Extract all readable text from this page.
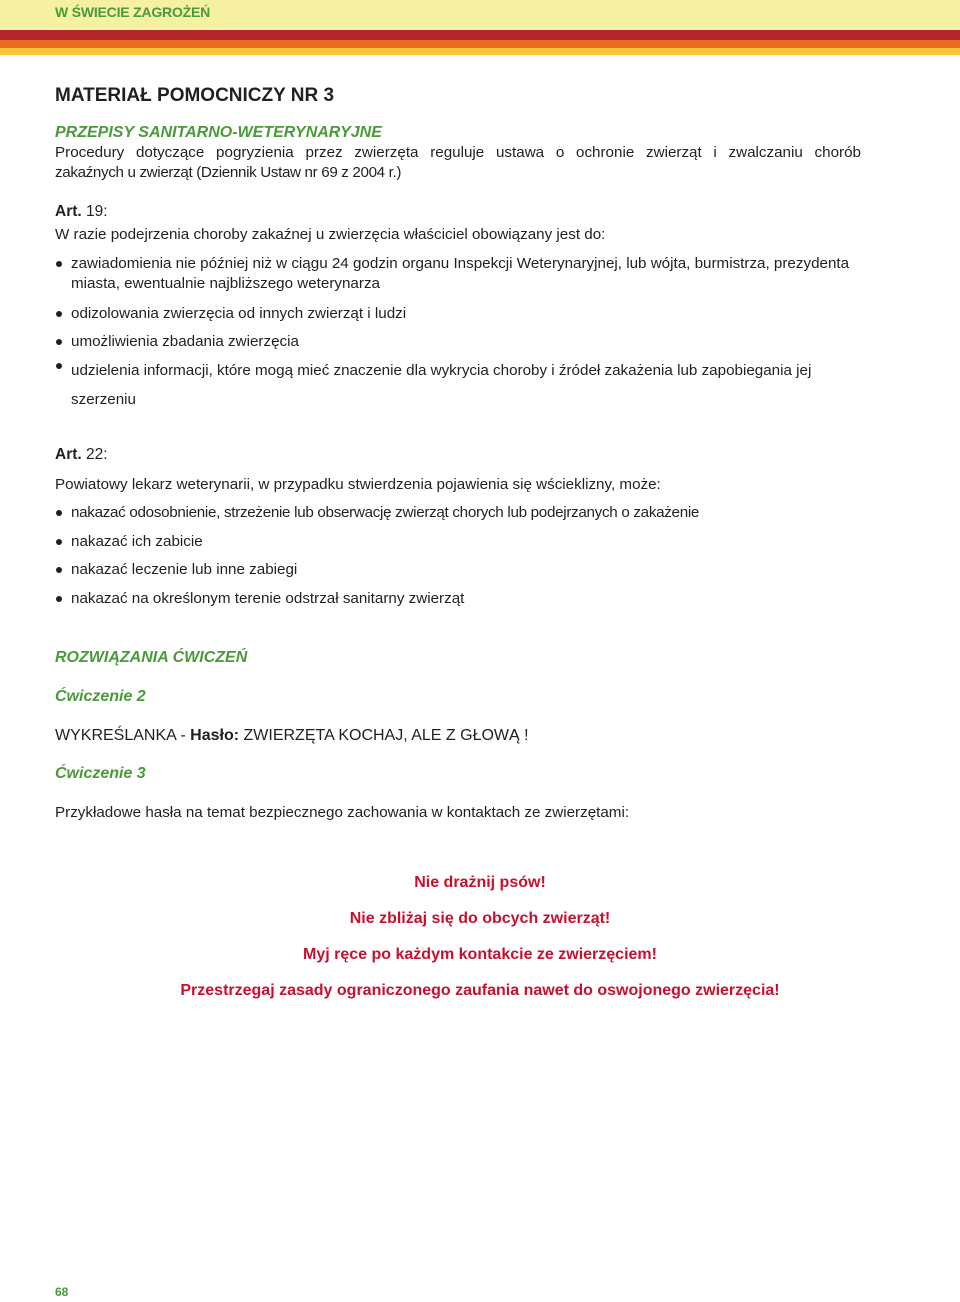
W ŚWIECIE ZAGROŻEŃ
MATERIAŁ POMOCNICZY NR 3
PRZEPISY SANITARNO-WETERYNARYJNE
Procedury dotyczące pogryzienia przez zwierzęta reguluje ustawa o ochronie zwierząt i zwalczaniu chorób
zakaźnych u zwierząt (Dziennik Ustaw nr 69 z 2004 r.)
Art. 19:
W razie podejrzenia choroby zakaźnej u zwierzęcia właściciel obowiązany jest do:
zawiadomienia nie później niż w ciągu 24 godzin organu Inspekcji Weterynaryjnej, lub wójta, burmistrza, prezydenta miasta, ewentualnie najbliższego weterynarza
odizolowania zwierzęcia od innych zwierząt i ludzi
umożliwienia zbadania zwierzęcia
udzielenia informacji, które mogą mieć znaczenie dla wykrycia choroby i źródeł zakażenia lub zapobiegania jej szerzeniu
Art. 22:
Powiatowy lekarz weterynarii, w przypadku stwierdzenia pojawienia się wścieklizny, może:
nakazać odosobnienie, strzeżenie lub obserwację zwierząt chorych lub podejrzanych o zakażenie
nakazać ich zabicie
nakazać leczenie lub inne zabiegi
nakazać na określonym terenie odstrzał sanitarny zwierząt
ROZWIĄZANIA ĆWICZEŃ
Ćwiczenie 2
WYKREŚLANKA - Hasło: ZWIERZĘTA KOCHAJ, ALE Z GŁOWĄ !
Ćwiczenie 3
Przykładowe hasła na temat bezpiecznego zachowania w kontaktach ze zwierzętami:
Nie drażnij psów!
Nie zbliżaj się do obcych zwierząt!
Myj ręce po każdym kontakcie ze zwierzęciem!
Przestrzegaj zasady ograniczonego zaufania nawet do oswojonego zwierzęcia!
68
